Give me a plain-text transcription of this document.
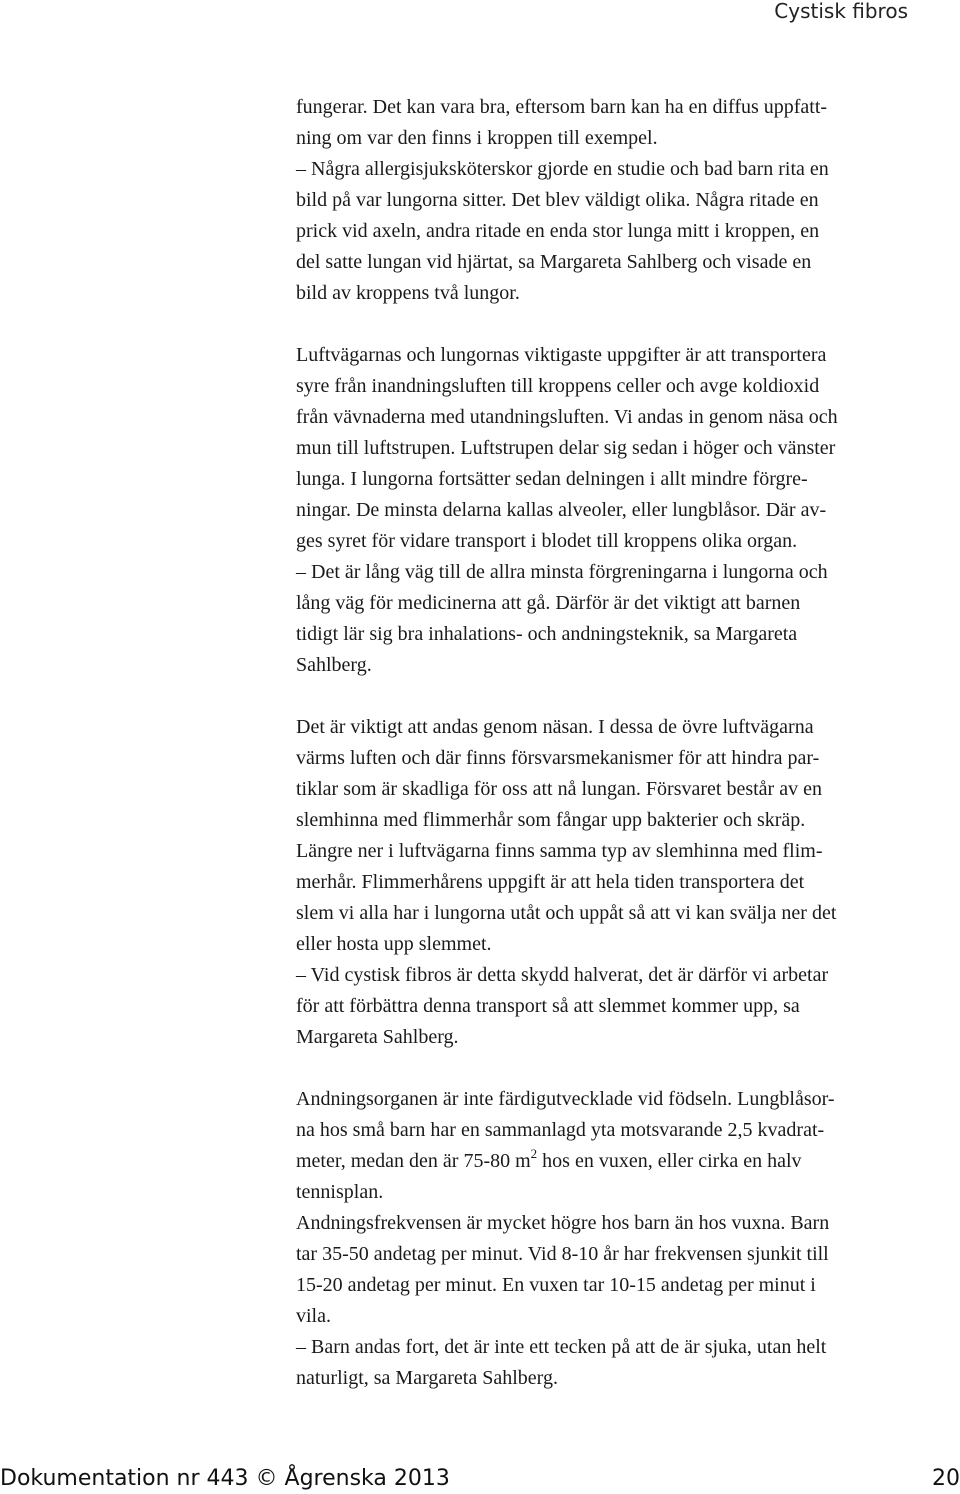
Cystisk fibros

fungerar. Det kan vara bra, eftersom barn kan ha en diffus uppfatt-
ning om var den finns i kroppen till exempel.
– Några allergisjuksköterskor gjorde en studie och bad barn rita en
bild på var lungorna sitter. Det blev väldigt olika. Några ritade en
prick vid axeln, andra ritade en enda stor lunga mitt i kroppen, en
del satte lungan vid hjärtat, sa Margareta Sahlberg och visade en
bild av kroppens två lungor.

Luftvägarnas och lungornas viktigaste uppgifter är att transportera
syre från inandningsluften till kroppens celler och avge koldioxid
från vävnaderna med utandningsluften. Vi andas in genom näsa och
mun till luftstrupen. Luftstrupen delar sig sedan i höger och vänster
lunga. I lungorna fortsätter sedan delningen i allt mindre förgre-
ningar. De minsta delarna kallas alveoler, eller lungblåsor. Där av-
ges syret för vidare transport i blodet till kroppens olika organ.
– Det är lång väg till de allra minsta förgreningarna i lungorna och
lång väg för medicinerna att gå. Därför är det viktigt att barnen
tidigt lär sig bra inhalations- och andningsteknik, sa Margareta
Sahlberg.

Det är viktigt att andas genom näsan. I dessa de övre luftvägarna
värms luften och där finns försvarsmekanismer för att hindra par-
tiklar som är skadliga för oss att nå lungan. Försvaret består av en
slemhinna med flimmerhår som fångar upp bakterier och skräp.
Längre ner i luftvägarna finns samma typ av slemhinna med flim-
merhår. Flimmerhårens uppgift är att hela tiden transportera det
slem vi alla har i lungorna utåt och uppåt så att vi kan svälja ner det
eller hosta upp slemmet.
– Vid cystisk fibros är detta skydd halverat, det är därför vi arbetar
för att förbättra denna transport så att slemmet kommer upp, sa
Margareta Sahlberg.

Andningsorganen är inte färdigutvecklade vid födseln. Lungblåsor-
na hos små barn har en sammanlagd yta motsvarande 2,5 kvadrat-
meter, medan den är 75-80 $m^2$ hos en vuxen, eller cirka en halv
tennisplan.
Andningsfrekvensen är mycket högre hos barn än hos vuxna. Barn
tar 35-50 andetag per minut. Vid 8-10 år har frekvensen sjunkit till
15-20 andetag per minut. En vuxen tar 10-15 andetag per minut i
vila.
– Barn andas fort, det är inte ett tecken på att de är sjuka, utan helt
naturligt, sa Margareta Sahlberg.

Dokumentation nr 443 © Ågrenska 2013	20
